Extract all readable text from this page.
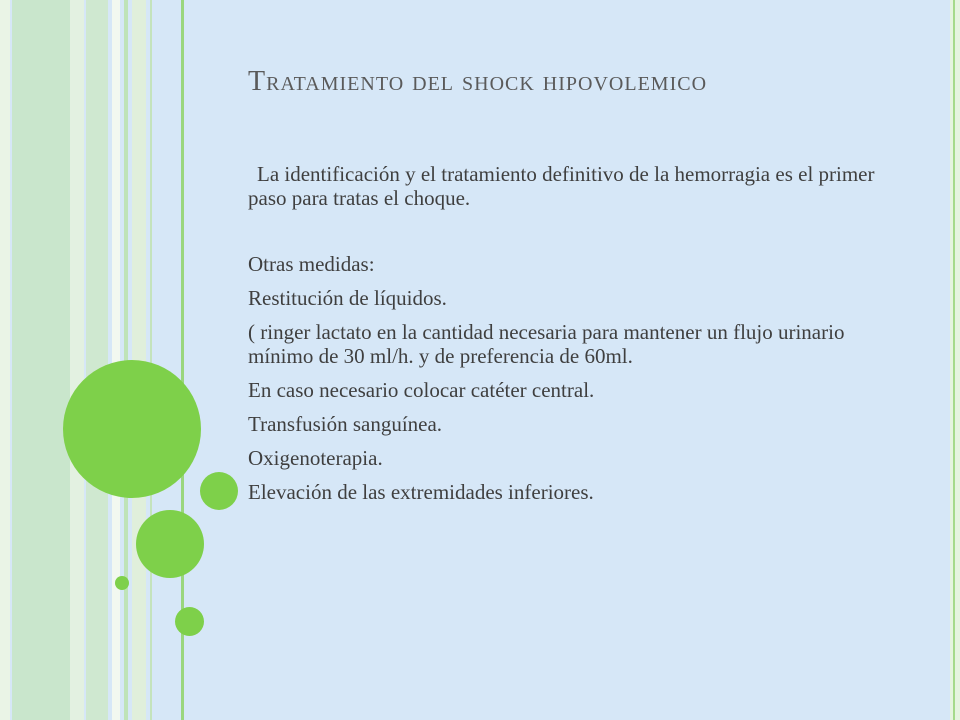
Tratamiento del shock hipovolemico

La identificación y el tratamiento definitivo de la hemorragia es el primer paso para tratas el choque.

Otras medidas:

Restitución de líquidos.

( ringer lactato en la cantidad necesaria para mantener un flujo urinario mínimo de 30 ml/h. y de preferencia de 60ml.

En caso necesario colocar catéter central.

Transfusión sanguínea.

Oxigenoterapia.

Elevación de las extremidades inferiores.
